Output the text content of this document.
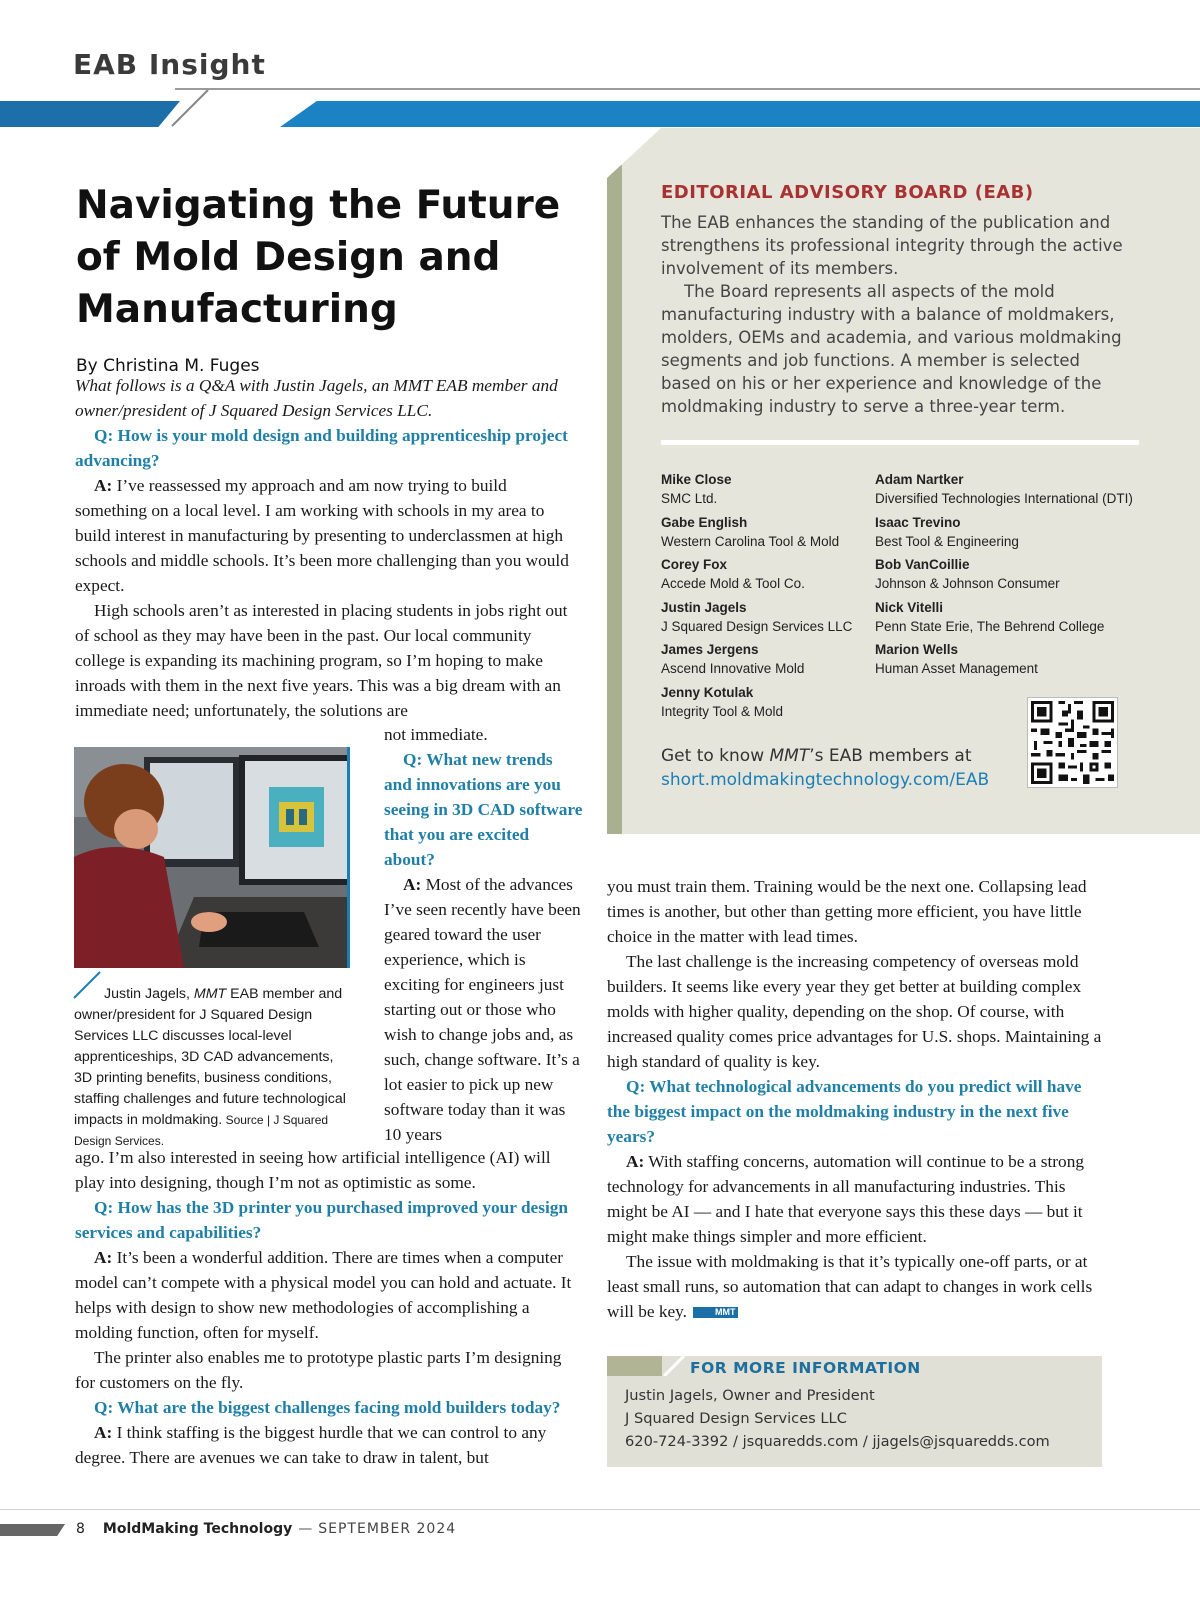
EAB Insight
Navigating the Future of Mold Design and Manufacturing
By Christina M. Fuges

What follows is a Q&A with Justin Jagels, an MMT EAB member and owner/president of J Squared Design Services LLC.

Q: How is your mold design and building apprenticeship project advancing?

A: I’ve reassessed my approach and am now trying to build something on a local level. I am working with schools in my area to build interest in manufacturing by presenting to underclassmen at high schools and middle schools. It’s been more challenging than you would expect.

High schools aren’t as interested in placing students in jobs right out of school as they may have been in the past. Our local community college is expanding its machining program, so I’m hoping to make inroads with them in the next five years. This was a big dream with an immediate need; unfortunately, the solutions are

Justin Jagels, MMT EAB member and owner/president for J Squared Design Services LLC discusses local-level apprenticeships, 3D CAD advancements, 3D printing benefits, business conditions, staffing challenges and future technological impacts in moldmaking. Source | J Squared Design Services.

not immediate.

Q: What new trends and innovations are you seeing in 3D CAD software that you are excited about?

A: Most of the advances I’ve seen recently have been geared toward the user experience, which is exciting for engineers just starting out or those who wish to change jobs and, as such, change software. It’s a lot easier to pick up new software today than it was 10 years

ago. I’m also interested in seeing how artificial intelligence (AI) will play into designing, though I’m not as optimistic as some.

Q: How has the 3D printer you purchased improved your design services and capabilities?

A: It’s been a wonderful addition. There are times when a computer model can’t compete with a physical model you can hold and actuate. It helps with design to show new methodologies of accomplishing a molding function, often for myself.

The printer also enables me to prototype plastic parts I’m designing for customers on the fly.

Q: What are the biggest challenges facing mold builders today?

A: I think staffing is the biggest hurdle that we can control to any degree. There are avenues we can take to draw in talent, but

EDITORIAL ADVISORY BOARD (EAB)

The EAB enhances the standing of the publication and strengthens its professional integrity through the active involvement of its members.

The Board represents all aspects of the mold manufacturing industry with a balance of moldmakers, molders, OEMs and academia, and various moldmaking segments and job functions. A member is selected based on his or her experience and knowledge of the moldmaking industry to serve a three-year term.

Mike Close
SMC Ltd.
Gabe English
Western Carolina Tool & Mold
Corey Fox
Accede Mold & Tool Co.
Justin Jagels
J Squared Design Services LLC
James Jergens
Ascend Innovative Mold
Jenny Kotulak
Integrity Tool & Mold
Adam Nartker
Diversified Technologies International (DTI)
Isaac Trevino
Best Tool & Engineering
Bob VanCoillie
Johnson & Johnson Consumer
Nick Vitelli
Penn State Erie, The Behrend College
Marion Wells
Human Asset Management
Get to know MMT’s EAB members at
short.moldmakingtechnology.com/EAB

you must train them. Training would be the next one. Collapsing lead times is another, but other than getting more efficient, you have little choice in the matter with lead times.

The last challenge is the increasing competency of overseas mold builders. It seems like every year they get better at building complex molds with higher quality, depending on the shop. Of course, with increased quality comes price advantages for U.S. shops. Maintaining a high standard of quality is key.

Q: What technological advancements do you predict will have the biggest impact on the moldmaking industry in the next five years?

A: With staffing concerns, automation will continue to be a strong technology for advancements in all manufacturing industries. This might be AI — and I hate that everyone says this these days — but it might make things simpler and more efficient.

The issue with moldmaking is that it’s typically one-off parts, or at least small runs, so automation that can adapt to changes in work cells will be key.	MMT

FOR MORE INFORMATION
Justin Jagels, Owner and President
J Squared Design Services LLC
620-724-3392 / jsquaredds.com / jjagels@jsquaredds.com
8 MoldMaking Technology — SEPTEMBER 2024
